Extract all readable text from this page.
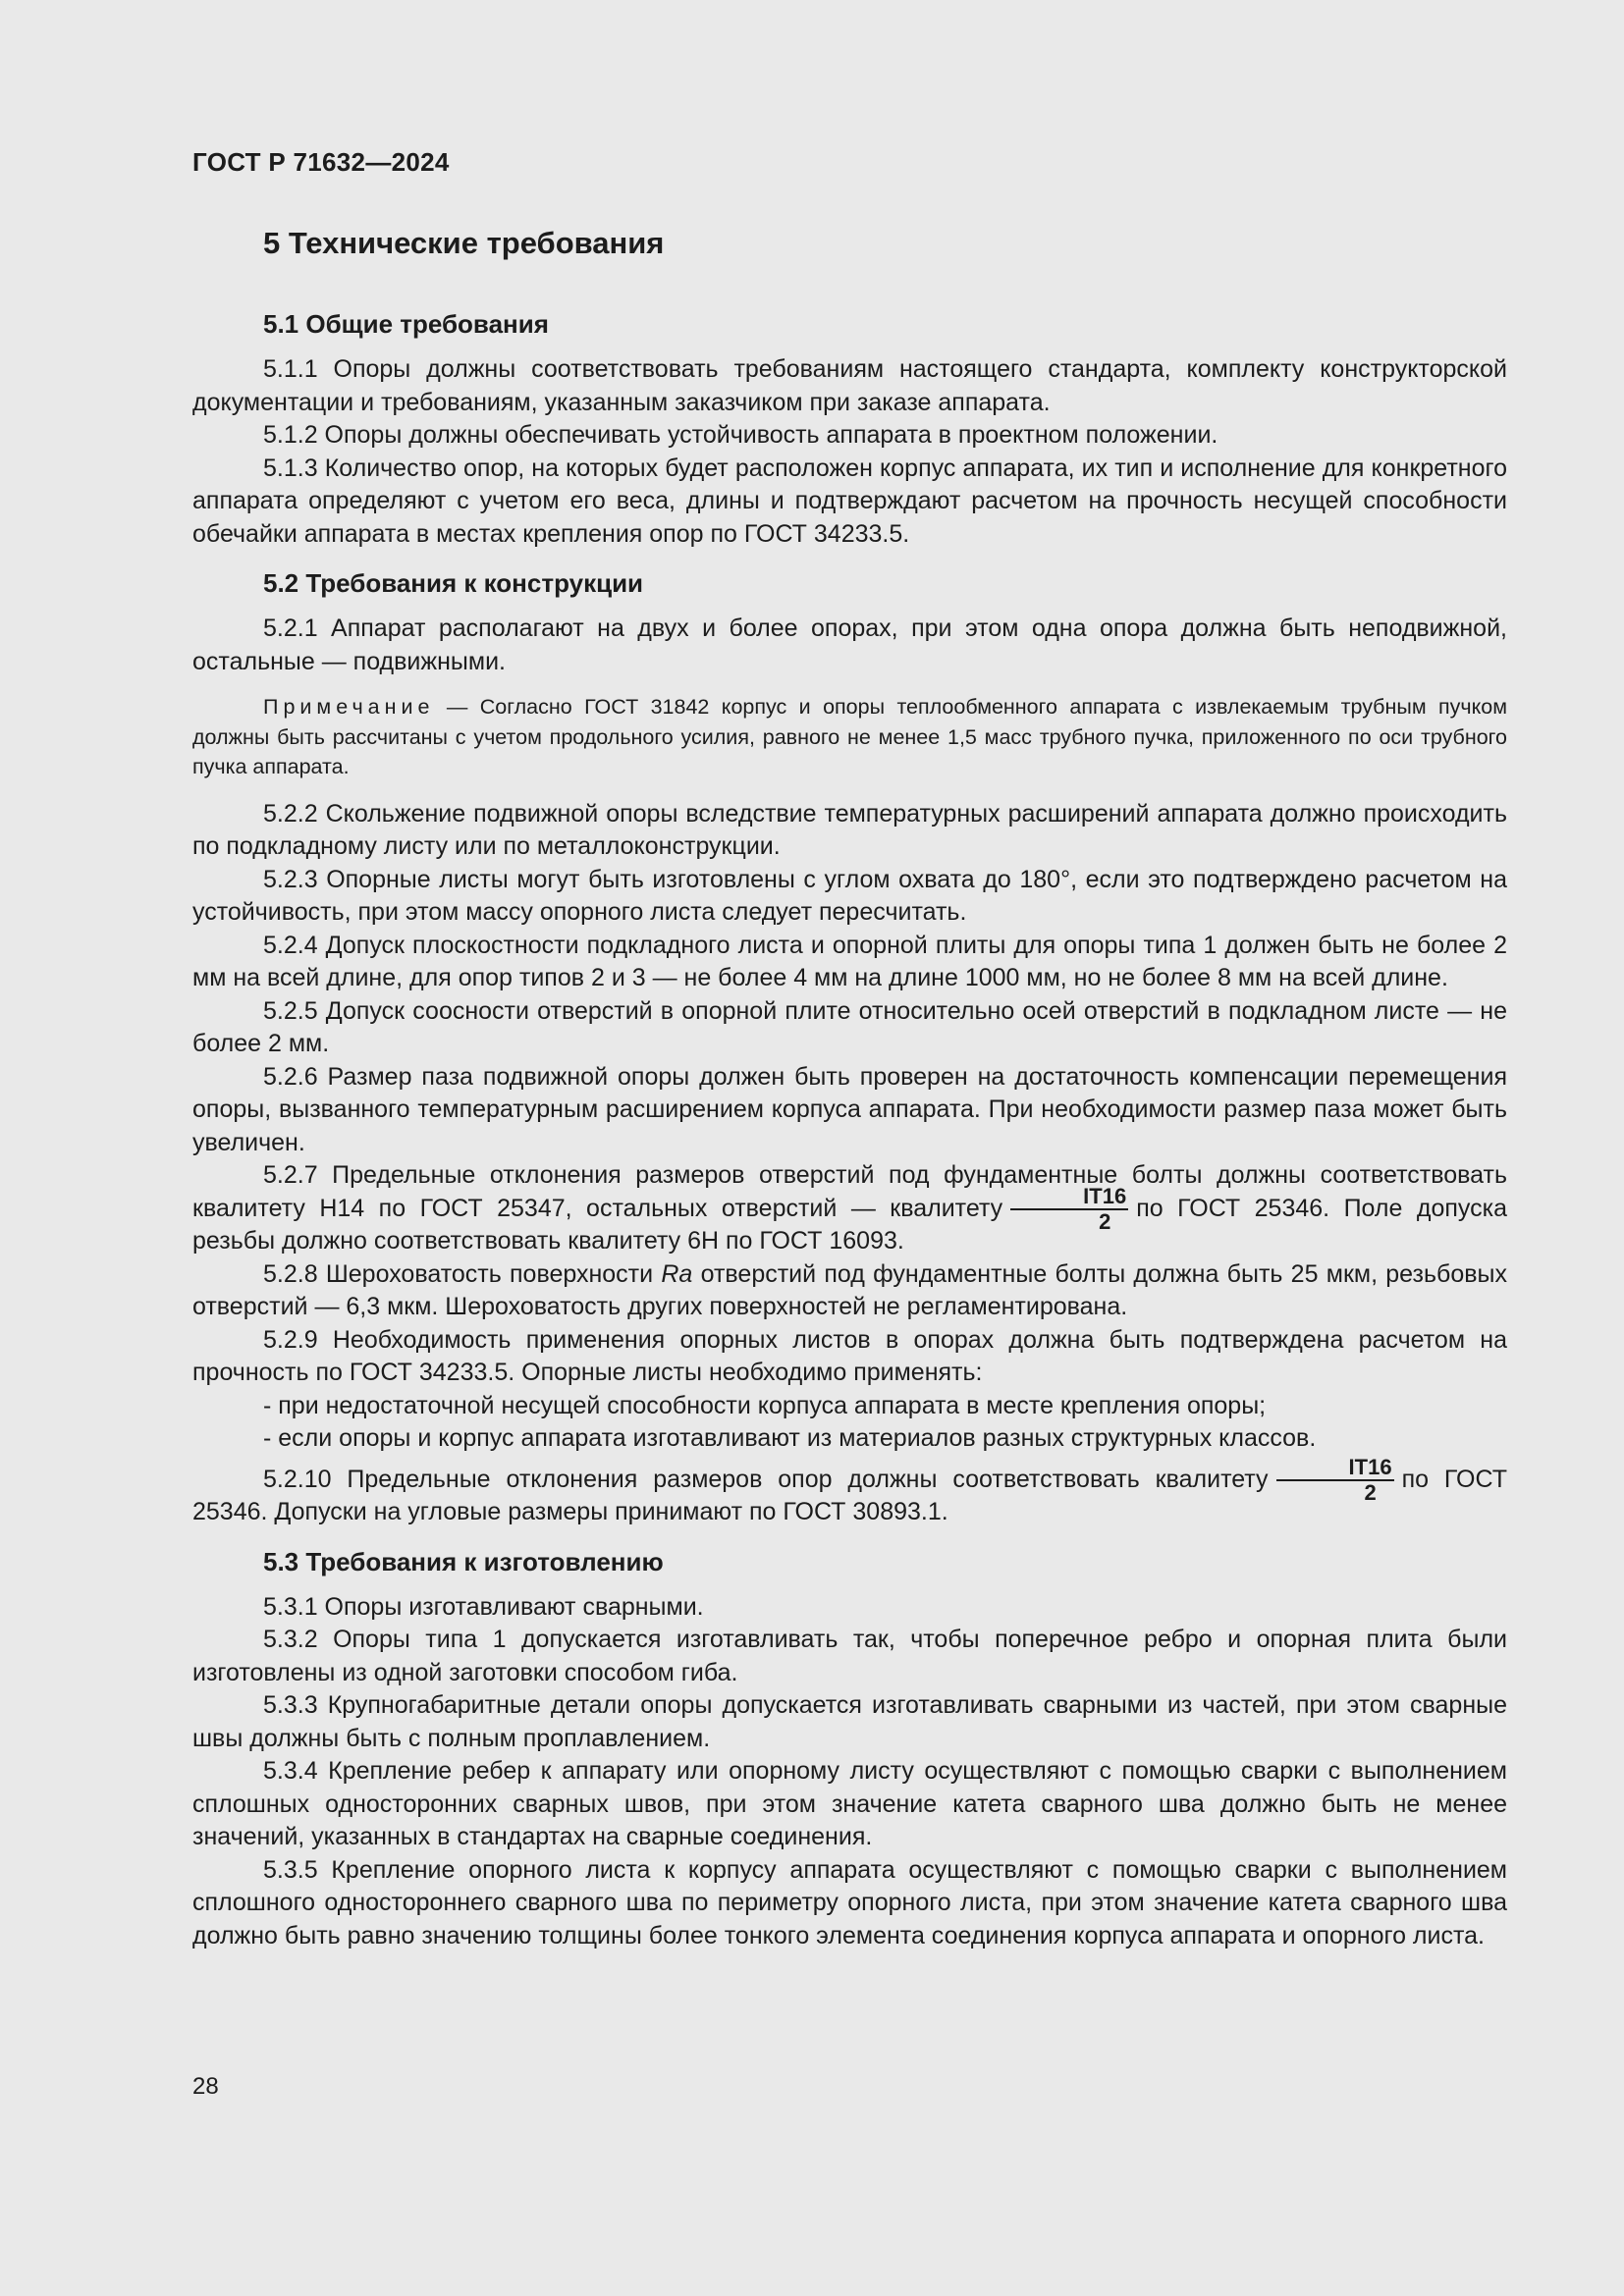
ГОСТ Р 71632—2024
5 Технические требования
5.1 Общие требования

5.1.1 Опоры должны соответствовать требованиям настоящего стандарта, комплекту конструкторской документации и требованиям, указанным заказчиком при заказе аппарата.

5.1.2 Опоры должны обеспечивать устойчивость аппарата в проектном положении.

5.1.3 Количество опор, на которых будет расположен корпус аппарата, их тип и исполнение для конкретного аппарата определяют с учетом его веса, длины и подтверждают расчетом на прочность несущей способности обечайки аппарата в местах крепления опор по ГОСТ 34233.5.

5.2 Требования к конструкции

5.2.1 Аппарат располагают на двух и более опорах, при этом одна опора должна быть неподвижной, остальные — подвижными.

Примечание — Согласно ГОСТ 31842 корпус и опоры теплообменного аппарата с извлекаемым трубным пучком должны быть рассчитаны с учетом продольного усилия, равного не менее 1,5 масс трубного пучка, приложенного по оси трубного пучка аппарата.

5.2.2 Скольжение подвижной опоры вследствие температурных расширений аппарата должно происходить по подкладному листу или по металлоконструкции.

5.2.3 Опорные листы могут быть изготовлены с углом охвата до 180°, если это подтверждено расчетом на устойчивость, при этом массу опорного листа следует пересчитать.

5.2.4 Допуск плоскостности подкладного листа и опорной плиты для опоры типа 1 должен быть не более 2 мм на всей длине, для опор типов 2 и 3 — не более 4 мм на длине 1000 мм, но не более 8 мм на всей длине.

5.2.5 Допуск соосности отверстий в опорной плите относительно осей отверстий в подкладном листе — не более 2 мм.

5.2.6 Размер паза подвижной опоры должен быть проверен на достаточность компенсации перемещения опоры, вызванного температурным расширением корпуса аппарата. При необходимости размер паза может быть увеличен.

5.2.7 Предельные отклонения размеров отверстий под фундаментные болты должны соответствовать квалитету Н14 по ГОСТ 25347, остальных отверстий — квалитету $\frac{IT16}{2}$ по ГОСТ 25346. Поле допуска резьбы должно соответствовать квалитету 6Н по ГОСТ 16093.

5.2.8 Шероховатость поверхности Ra отверстий под фундаментные болты должна быть 25 мкм, резьбовых отверстий — 6,3 мкм. Шероховатость других поверхностей не регламентирована.

5.2.9 Необходимость применения опорных листов в опорах должна быть подтверждена расчетом на прочность по ГОСТ 34233.5. Опорные листы необходимо применять:

- при недостаточной несущей способности корпуса аппарата в месте крепления опоры;
- если опоры и корпус аппарата изготавливают из материалов разных структурных классов.

5.2.10 Предельные отклонения размеров опор должны соответствовать квалитету $\frac{IT16}{2}$ по ГОСТ 25346. Допуски на угловые размеры принимают по ГОСТ 30893.1.

5.3 Требования к изготовлению

5.3.1 Опоры изготавливают сварными.

5.3.2 Опоры типа 1 допускается изготавливать так, чтобы поперечное ребро и опорная плита были изготовлены из одной заготовки способом гиба.

5.3.3 Крупногабаритные детали опоры допускается изготавливать сварными из частей, при этом сварные швы должны быть с полным проплавлением.

5.3.4 Крепление ребер к аппарату или опорному листу осуществляют с помощью сварки с выполнением сплошных односторонних сварных швов, при этом значение катета сварного шва должно быть не менее значений, указанных в стандартах на сварные соединения.

5.3.5 Крепление опорного листа к корпусу аппарата осуществляют с помощью сварки с выполнением сплошного одностороннего сварного шва по периметру опорного листа, при этом значение катета сварного шва должно быть равно значению толщины более тонкого элемента соединения корпуса аппарата и опорного листа.

28
